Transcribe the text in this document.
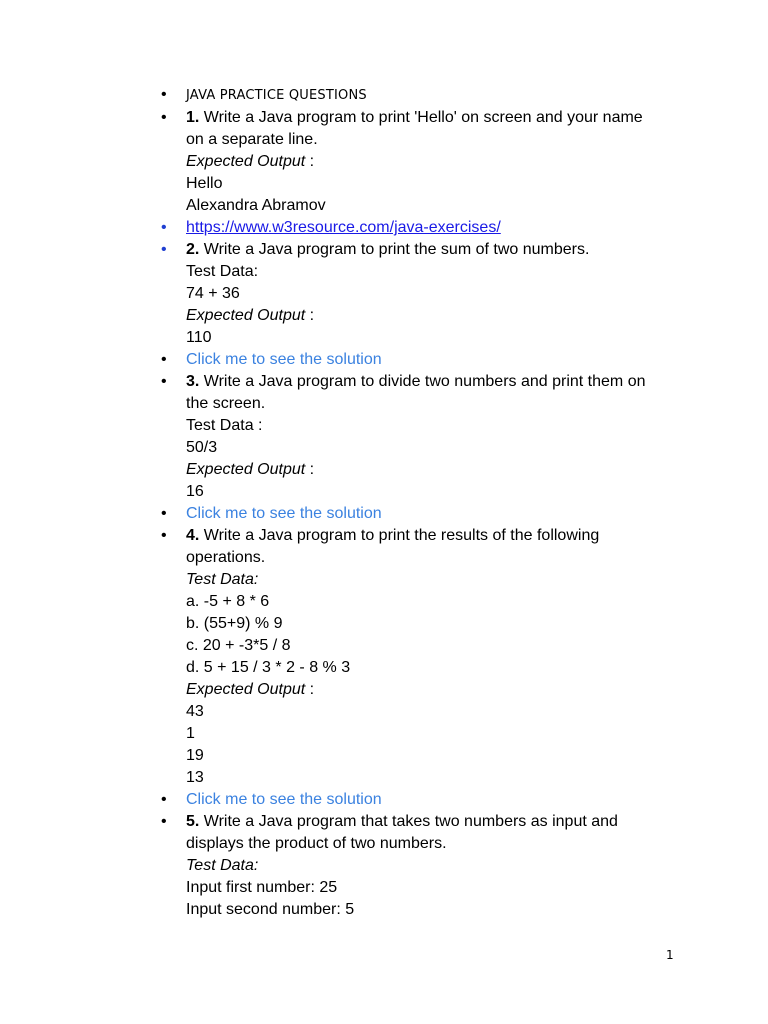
• JAVA PRACTICE QUESTIONS
• 1. Write a Java program to print 'Hello' on screen and your name
on a separate line.
Expected Output :
Hello
Alexandra Abramov
• https://www.w3resource.com/java-exercises/
• 2. Write a Java program to print the sum of two numbers.
Test Data:
74 + 36
Expected Output :
110
• Click me to see the solution
• 3. Write a Java program to divide two numbers and print them on
the screen.
Test Data :
50/3
Expected Output :
16
• Click me to see the solution
• 4. Write a Java program to print the results of the following
operations.
Test Data:
a. -5 + 8 * 6
b. (55+9) % 9
c. 20 + -3*5 / 8
d. 5 + 15 / 3 * 2 - 8 % 3
Expected Output :
43
1
19
13
• Click me to see the solution
• 5. Write a Java program that takes two numbers as input and
displays the product of two numbers.
Test Data:
Input first number: 25
Input second number: 5
1
